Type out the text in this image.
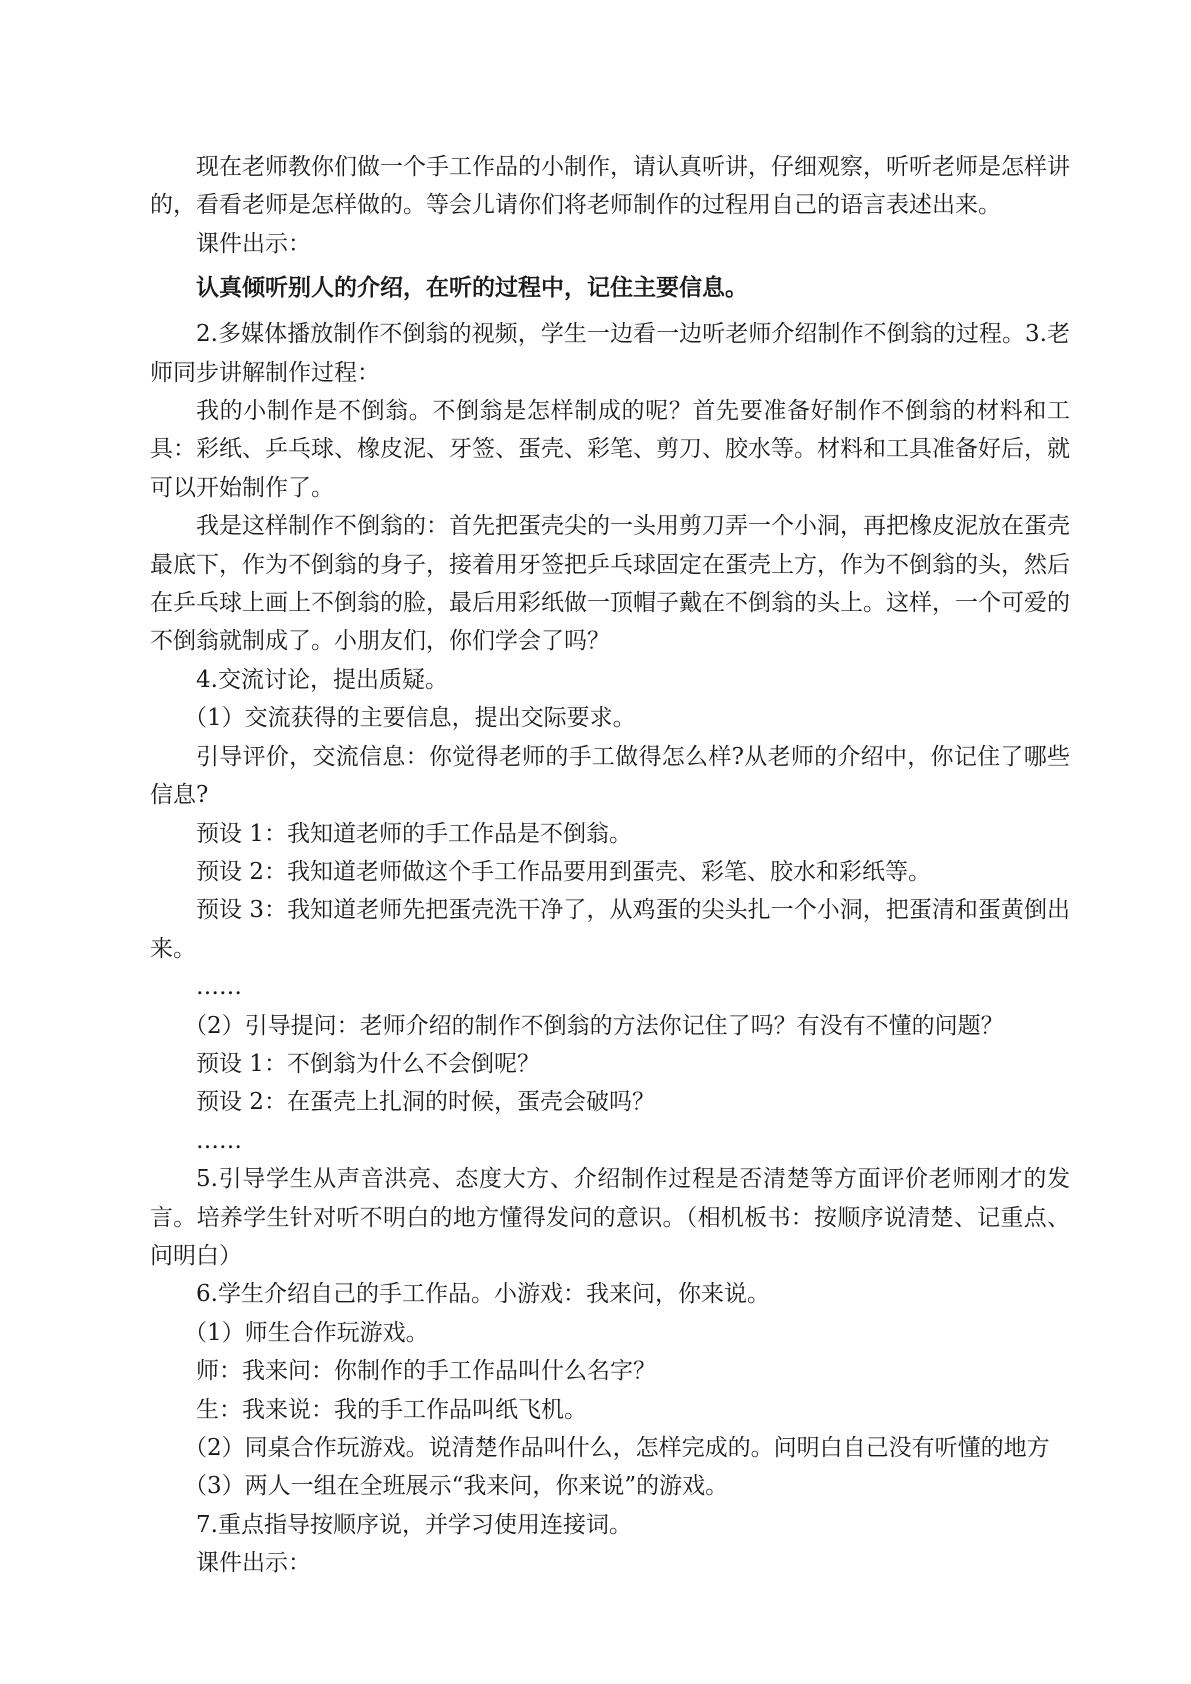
现在老师教你们做一个手工作品的小制作，请认真听讲，仔细观察，听听老师是怎样讲的，看看老师是怎样做的。等会儿请你们将老师制作的过程用自己的语言表述出来。

课件出示：

认真倾听别人的介绍，在听的过程中，记住主要信息。

2.多媒体播放制作不倒翁的视频，学生一边看一边听老师介绍制作不倒翁的过程。3.老师同步讲解制作过程：

我的小制作是不倒翁。不倒翁是怎样制成的呢？首先要准备好制作不倒翁的材料和工具：彩纸、乒乓球、橡皮泥、牙签、蛋壳、彩笔、剪刀、胶水等。材料和工具准备好后，就可以开始制作了。

我是这样制作不倒翁的：首先把蛋壳尖的一头用剪刀弄一个小洞，再把橡皮泥放在蛋壳最底下，作为不倒翁的身子，接着用牙签把乒乓球固定在蛋壳上方，作为不倒翁的头，然后在乒乓球上画上不倒翁的脸，最后用彩纸做一顶帽子戴在不倒翁的头上。这样，一个可爱的不倒翁就制成了。小朋友们，你们学会了吗？

4.交流讨论，提出质疑。

（1）交流获得的主要信息，提出交际要求。

引导评价，交流信息：你觉得老师的手工做得怎么样?从老师的介绍中，你记住了哪些信息?

预设 1：我知道老师的手工作品是不倒翁。

预设 2：我知道老师做这个手工作品要用到蛋壳、彩笔、胶水和彩纸等。

预设 3：我知道老师先把蛋壳洗干净了，从鸡蛋的尖头扎一个小洞，把蛋清和蛋黄倒出来。

……

（2）引导提问：老师介绍的制作不倒翁的方法你记住了吗？有没有不懂的问题？

预设 1：不倒翁为什么不会倒呢？

预设 2：在蛋壳上扎洞的时候，蛋壳会破吗？

……

5.引导学生从声音洪亮、态度大方、介绍制作过程是否清楚等方面评价老师刚才的发言。培养学生针对听不明白的地方懂得发问的意识。（相机板书：按顺序说清楚、记重点、问明白）

6.学生介绍自己的手工作品。小游戏：我来问，你来说。

（1）师生合作玩游戏。

师：我来问：你制作的手工作品叫什么名字？

生：我来说：我的手工作品叫纸飞机。

（2）同桌合作玩游戏。说清楚作品叫什么，怎样完成的。问明白自己没有听懂的地方

（3）两人一组在全班展示“我来问，你来说”的游戏。

7.重点指导按顺序说，并学习使用连接词。

课件出示：
